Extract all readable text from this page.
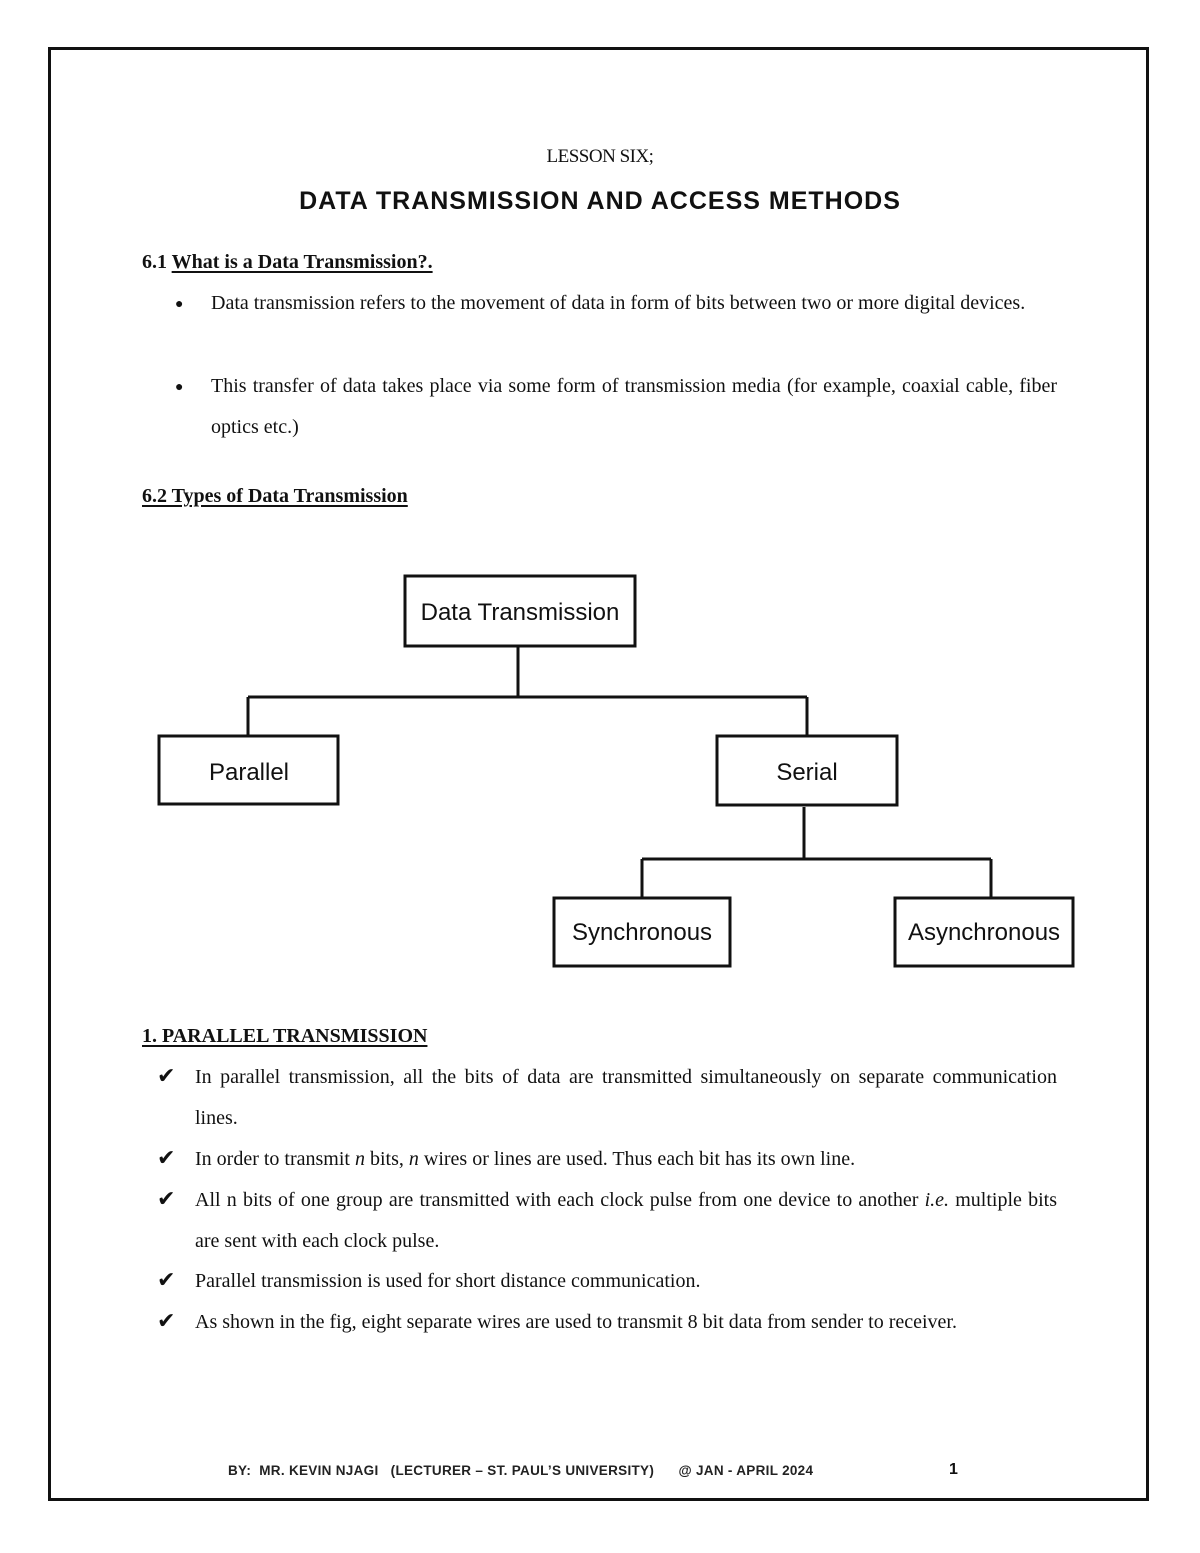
LESSON SIX;
DATA TRANSMISSION AND ACCESS METHODS
6.1 What is a Data Transmission?.
● Data transmission refers to the movement of data in form of bits between two or more digital devices.
● This transfer of data takes place via some form of transmission media (for example, coaxial cable, fiber optics etc.)
6.2 Types of Data Transmission
Data Transmission
Parallel	Serial
Synchronous	Asynchronous
1. PARALLEL TRANSMISSION
✔ In parallel transmission, all the bits of data are transmitted simultaneously on separate communication lines.
✔ In order to transmit n bits, n wires or lines are used. Thus each bit has its own line.
✔ All n bits of one group are transmitted with each clock pulse from one device to another i.e. multiple bits are sent with each clock pulse.
✔ Parallel transmission is used for short distance communication.
✔ As shown in the fig, eight separate wires are used to transmit 8 bit data from sender to receiver.
BY:  MR. KEVIN NJAGI   (LECTURER – ST. PAUL’S UNIVERSITY)      @ JAN - APRIL 2024	1
